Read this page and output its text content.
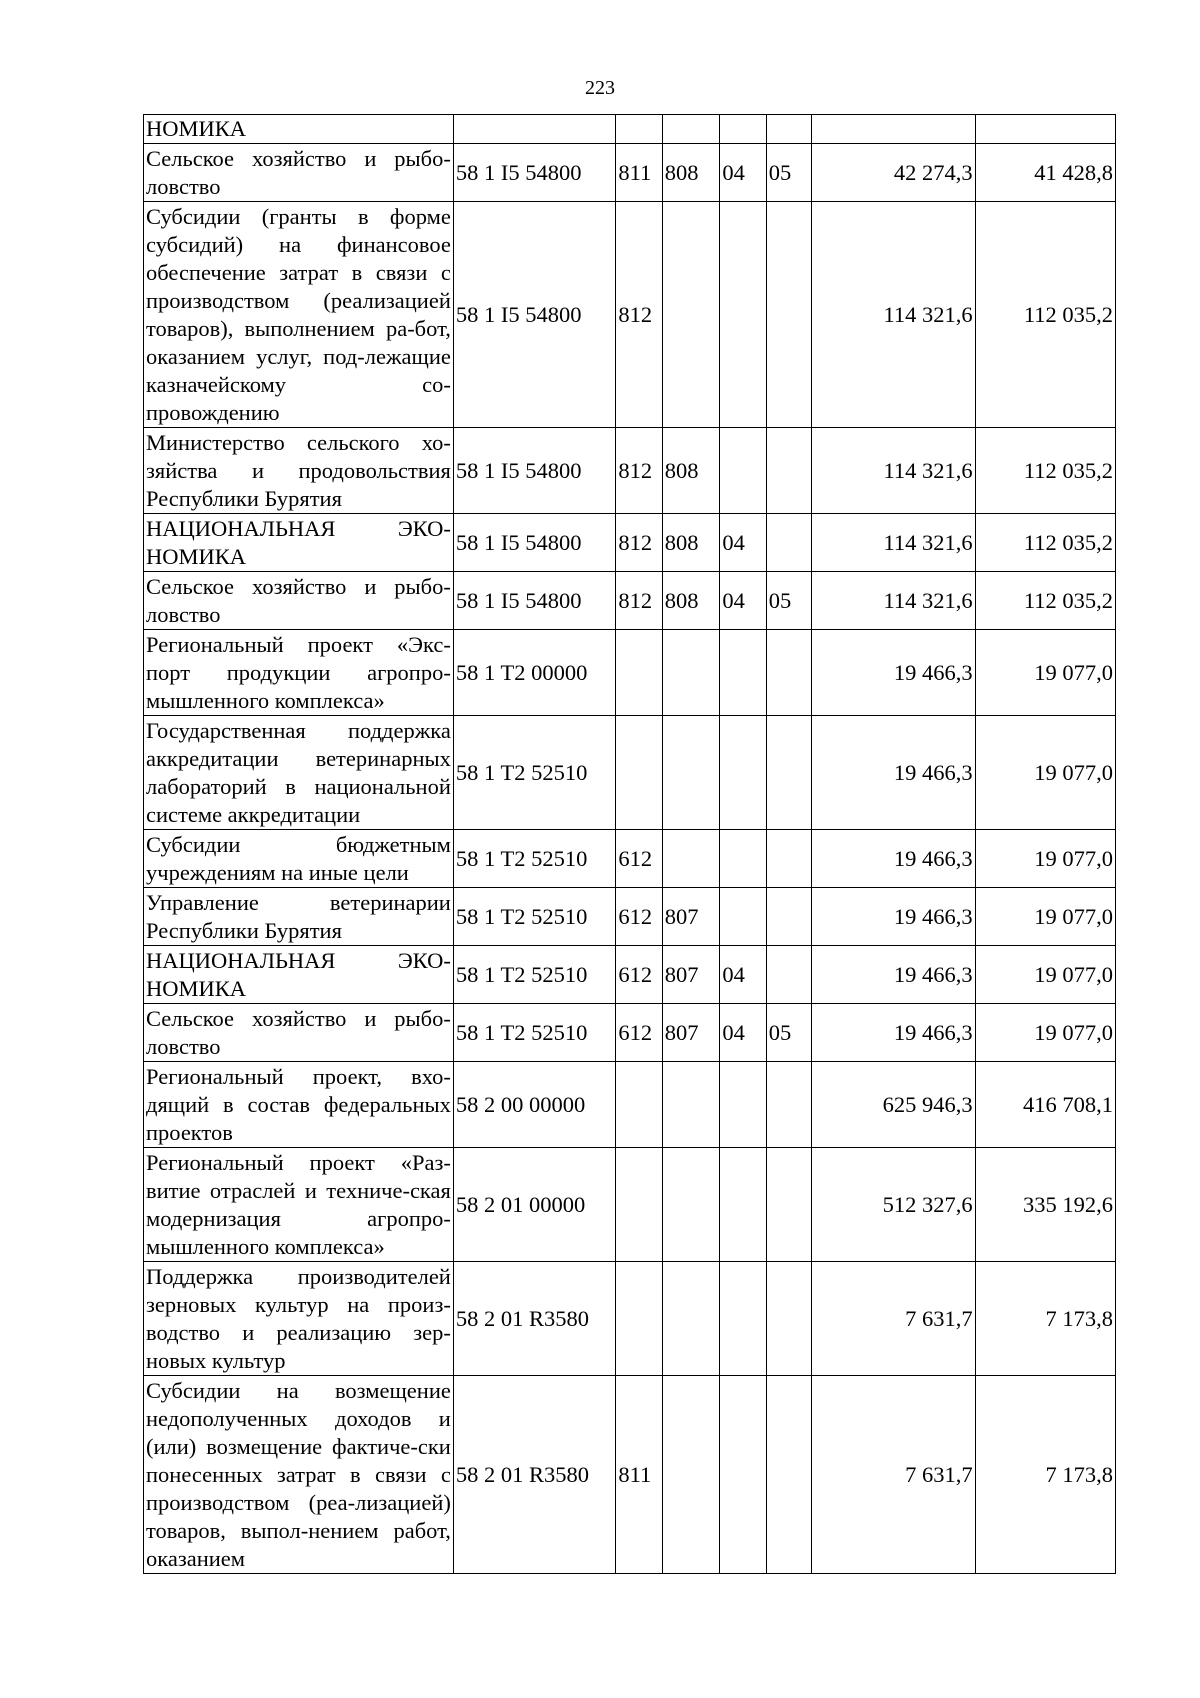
223
НОМИКА							
Сельское хозяйство и рыбо-ловство	58 1 I5 54800	811	808	04	05	42 274,3	41 428,8
Субсидии (гранты в форме субсидий) на финансовое обеспечение затрат в связи с производством (реализацией товаров), выполнением ра-бот, оказанием услуг, под-лежащие казначейскому со-провождению	58 1 I5 54800	812				114 321,6	112 035,2
Министерство сельского хо-зяйства и продовольствия Республики Бурятия	58 1 I5 54800	812	808			114 321,6	112 035,2
НАЦИОНАЛЬНАЯ ЭКО-НОМИКА	58 1 I5 54800	812	808	04		114 321,6	112 035,2
Сельское хозяйство и рыбо-ловство	58 1 I5 54800	812	808	04	05	114 321,6	112 035,2
Региональный проект «Экс-порт продукции агропро-мышленного комплекса»	58 1 T2 00000					19 466,3	19 077,0
Государственная поддержка аккредитации ветеринарных лабораторий в национальной системе аккредитации	58 1 T2 52510					19 466,3	19 077,0
Субсидии бюджетным учреждениям на иные цели	58 1 T2 52510	612				19 466,3	19 077,0
Управление ветеринарии Республики Бурятия	58 1 T2 52510	612	807			19 466,3	19 077,0
НАЦИОНАЛЬНАЯ ЭКО-НОМИКА	58 1 T2 52510	612	807	04		19 466,3	19 077,0
Сельское хозяйство и рыбо-ловство	58 1 T2 52510	612	807	04	05	19 466,3	19 077,0
Региональный проект, вхо-дящий в состав федеральных проектов	58 2 00 00000					625 946,3	416 708,1
Региональный проект «Раз-витие отраслей и техниче-ская модернизация агропро-мышленного комплекса»	58 2 01 00000					512 327,6	335 192,6
Поддержка производителей зерновых культур на произ-водство и реализацию зер-новых культур	58 2 01 R3580					7 631,7	7 173,8
Субсидии на возмещение недополученных доходов и (или) возмещение фактиче-ски понесенных затрат в связи с производством (реа-лизацией) товаров, выпол-нением работ, оказанием	58 2 01 R3580	811				7 631,7	7 173,8
